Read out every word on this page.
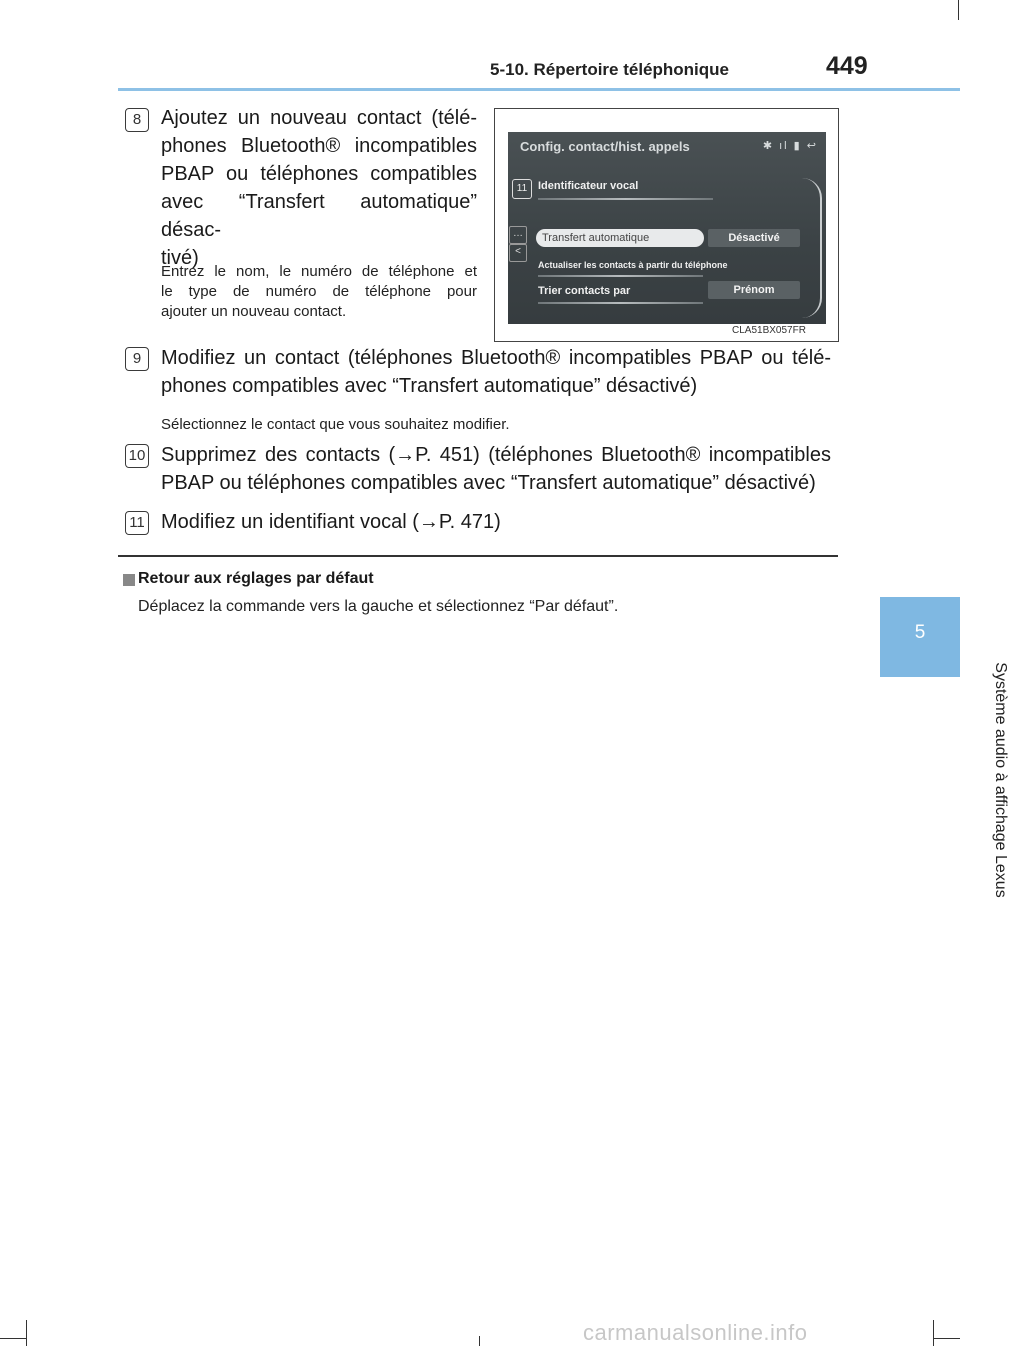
5-10. Répertoire téléphonique	449
5
Système audio à affichage Lexus
8 Ajoutez un nouveau contact (télé-
phones Bluetooth® incompatibles
PBAP ou téléphones compatibles
avec “Transfert automatique” désac-
tivé)
Entrez le nom, le numéro de téléphone et
le type de numéro de téléphone pour
ajouter un nouveau contact.
Config. contact/hist. appels	✱ ıl ▮ ↩
11 Identificateur vocal
Transfert automatique	Désactivé
Actualiser les contacts à partir du téléphone
Trier contacts par	Prénom
…
<
CLA51BX057FR
9 Modifiez un contact (téléphones Bluetooth® incompatibles PBAP ou télé-
phones compatibles avec “Transfert automatique” désactivé)
Sélectionnez le contact que vous souhaitez modifier.
10 Supprimez des contacts (→P. 451) (téléphones Bluetooth® incompatibles
PBAP ou téléphones compatibles avec “Transfert automatique” désactivé)
11 Modifiez un identifiant vocal (→P. 471)
Retour aux réglages par défaut
Déplacez la commande vers la gauche et sélectionnez “Par défaut”.
carmanualsonline.info
